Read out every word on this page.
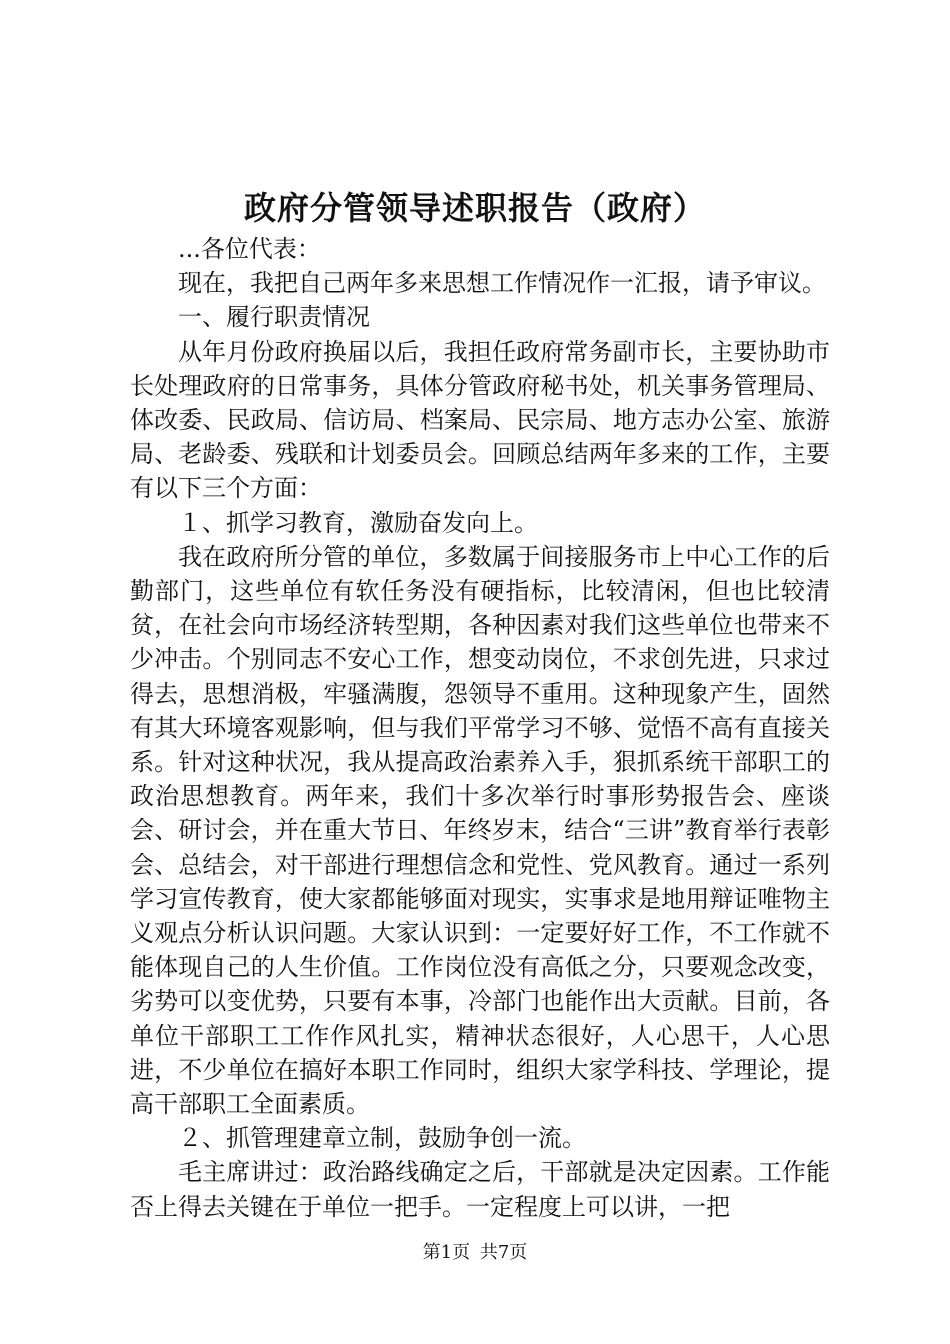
政府分管领导述职报告（政府）

...各位代表：

现在，我把自己两年多来思想工作情况作一汇报，请予审议。

一、履行职责情况

从年月份政府换届以后，我担任政府常务副市长，主要协助市长处理政府的日常事务，具体分管政府秘书处，机关事务管理局、体改委、民政局、信访局、档案局、民宗局、地方志办公室、旅游局、老龄委、残联和计划委员会。回顾总结两年多来的工作，主要有以下三个方面：

１、抓学习教育，激励奋发向上。

我在政府所分管的单位，多数属于间接服务市上中心工作的后勤部门，这些单位有软任务没有硬指标，比较清闲，但也比较清贫，在社会向市场经济转型期，各种因素对我们这些单位也带来不少冲击。个别同志不安心工作，想变动岗位，不求创先进，只求过得去，思想消极，牢骚满腹，怨领导不重用。这种现象产生，固然有其大环境客观影响，但与我们平常学习不够、觉悟不高有直接关系。针对这种状况，我从提高政治素养入手，狠抓系统干部职工的政治思想教育。两年来，我们十多次举行时事形势报告会、座谈会、研讨会，并在重大节日、年终岁末，结合“三讲”教育举行表彰会、总结会，对干部进行理想信念和党性、党风教育。通过一系列学习宣传教育，使大家都能够面对现实，实事求是地用辩证唯物主义观点分析认识问题。大家认识到：一定要好好工作，不工作就不能体现自己的人生价值。工作岗位没有高低之分，只要观念改变，劣势可以变优势，只要有本事，冷部门也能作出大贡献。目前，各单位干部职工工作作风扎实，精神状态很好，人心思干，人心思进，不少单位在搞好本职工作同时，组织大家学科技、学理论，提高干部职工全面素质。

２、抓管理建章立制，鼓励争创一流。

毛主席讲过：政治路线确定之后，干部就是决定因素。工作能否上得去关键在于单位一把手。一定程度上可以讲，一把

第1页 共7页
